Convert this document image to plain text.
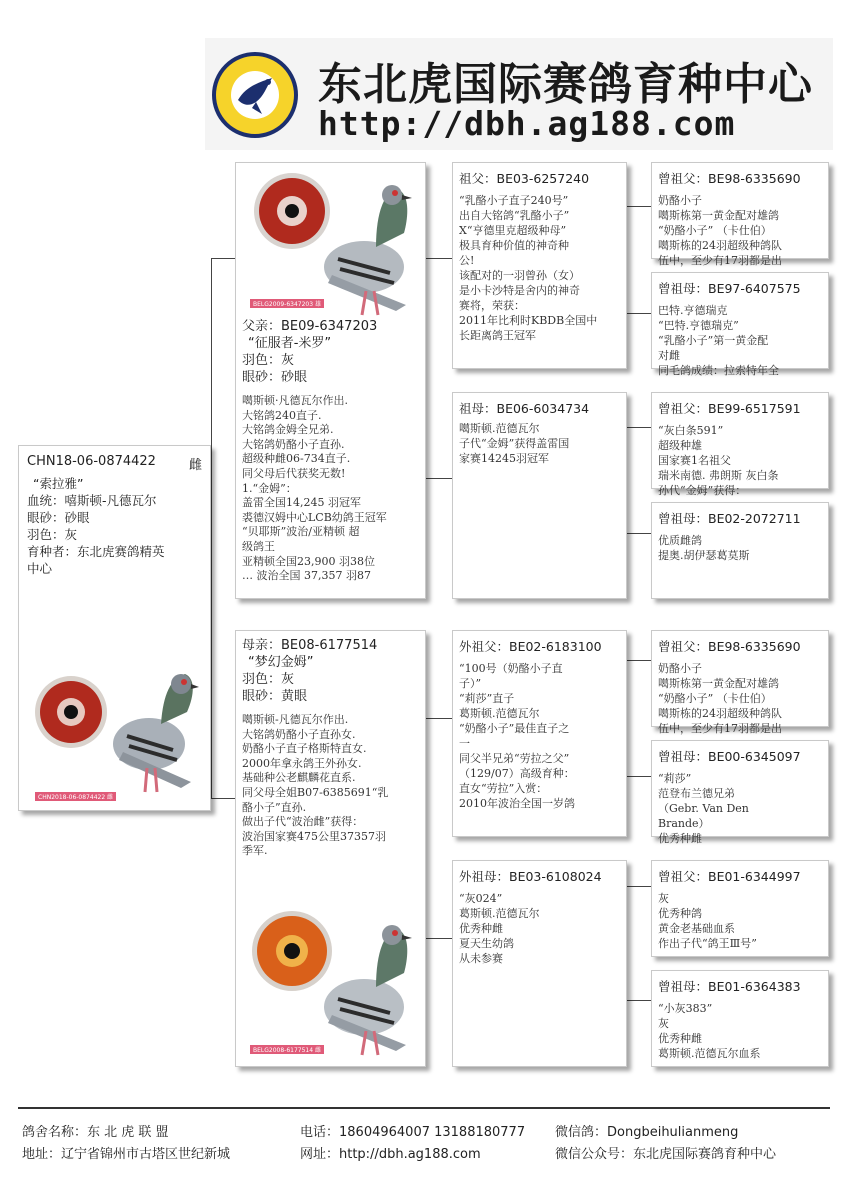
东北虎国际赛鸽育种中心
http://dbh.ag188.com
CHN18-06-0874422	雌
“索拉雅”
血统：嘻斯顿-凡德瓦尔
眼砂：砂眼
羽色：灰
育种者：东北虎赛鸽精英
中心
CHN2018-06-0874422 雌
BELG2009-6347203 雄
父亲：BE09-6347203
“征服者-米罗”
羽色：灰
眼砂：砂眼
噶斯顿·凡德瓦尔作出.
大铭鸽240直子.
大铭鸽金姆全兄弟.
大铭鸽奶酪小子直孙.
超级种雌06-734直子.
同父母后代获奖无数!
1.“金姆”：
盖雷全国14,245 羽冠军
裘德汉姆中心LCB幼鸽王冠军
“贝耶斯”波治/亚精顿 超
级鸽王
亚精顿全国23,900 羽38位
… 波治全国 37,357 羽87
母亲：BE08-6177514
“梦幻金姆”
羽色：灰
眼砂：黄眼
噶斯顿-凡德瓦尔作出.
大铭鸽奶酪小子直孙女.
奶酪小子直子格斯特直女.
2000年拿永鸽王外孙女.
基础种公老麒麟花直系.
同父母全姐B07-6385691“乳
酪小子”直孙.
做出子代“波治雌”获得：
波治国家赛475公里37357羽
季军.
BELG2008-6177514 雌
祖父：BE03-6257240
“乳酪小子直子240号”
出自大铭鸽“乳酪小子”
X“亨德里克超级种母”
极具育种价值的神奇种
公!
该配对的一羽曾孙（女）
是小卡沙特是舍内的神奇
赛将，荣获：
2011年比利时KBDB全国中
长距离鸽王冠军
祖母：BE06-6034734
噶斯顿.范德瓦尔
子代“金姆”获得盖雷国
家赛14245羽冠军
外祖父：BE02-6183100
“100号（奶酪小子直
子）”
“莉莎”直子
葛斯顿.范德瓦尔
“奶酪小子”最佳直子之
一
同父半兄弟“劳拉之父”
（129/07）高级育种：
直女“劳拉”入赏：
2010年波治全国一岁鸽
外祖母：BE03-6108024
“灰024”
葛斯顿.范德瓦尔
优秀种雌
夏天生幼鸽
从未参赛
曾祖父：BE98-6335690
奶酪小子
噶斯栋第一黄金配对雄鸽
“奶酪小子” （卡仕伯）
噶斯栋的24羽超级种鸽队
伍中，至少有17羽都是出
曾祖母：BE97-6407575
巴特.亨德瑞克
“巴特.亨德瑞克”
“乳酪小子”第一黄金配
对雌
同毛鸽成绩：拉索特年全
曾祖父：BE99-6517591
“灰白条591”
超级种雄
国家赛1名祖父
瑞米南德. 弗朗斯 灰白条
孙代“金姆”获得：
曾祖母：BE02-2072711
优质雌鸽
提奥.胡伊瑟葛莫斯
曾祖父：BE98-6335690
奶酪小子
噶斯栋第一黄金配对雄鸽
“奶酪小子” （卡仕伯）
噶斯栋的24羽超级种鸽队
伍中，至少有17羽都是出
曾祖母：BE00-6345097
“莉莎”
范登布兰德兄弟
（Gebr. Van Den
Brande）
优秀种雌
曾祖父：BE01-6344997
灰
优秀种鸽
黄金老基础血系
作出子代“鸽王Ⅲ号”
曾祖母：BE01-6364383
“小灰383”
灰
优秀种雌
葛斯顿.范德瓦尔血系
鸽舍名称：东 北 虎 联 盟	电话：18604964007 13188180777 微信鸽：Dongbeihulianmeng
地址：辽宁省锦州市古塔区世纪新城	网址：http://dbh.ag188.com	微信公众号：东北虎国际赛鸽育种中心
